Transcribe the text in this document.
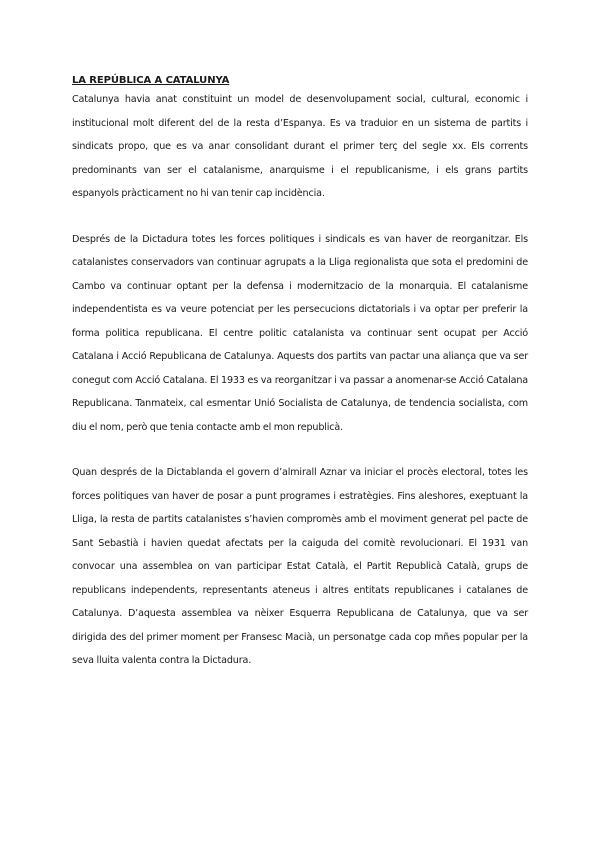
LA REPÚBLICA A CATALUNYA

Catalunya havia anat constituint un model de desenvolupament social, cultural, economic i institucional molt diferent del de la resta d’Espanya. Es va traduior en un sistema de partits i sindicats propo, que es va anar consolidant durant el primer terç del segle xx. Els corrents predominants van ser el catalanisme, anarquisme i el republicanisme, i els grans partits espanyols pràcticament no hi van tenir cap incidència.

Després de la Dictadura totes les forces politiques i sindicals es van haver de reorganitzar. Els catalanistes conservadors van continuar agrupats a la Lliga regionalista que sota el predomini de Cambo va continuar optant per la defensa i modernitzacio de la monarquia. El catalanisme independentista es va veure potenciat per les persecucions dictatorials i va optar per preferir la forma politica republicana. El centre politic catalanista va continuar sent ocupat per Acció Catalana i Acció Republicana de Catalunya. Aquests dos partits van pactar una aliança que va ser conegut com Acció Catalana. El 1933 es va reorganitzar i va passar a anomenar-se Acció Catalana Republicana. Tanmateix, cal esmentar Unió Socialista de Catalunya, de tendencia socialista, com diu el nom, però que tenia contacte amb el mon republicà.

Quan després de la Dictablanda el govern d’almirall Aznar va iniciar el procès electoral, totes les forces politiques van haver de posar a punt programes i estratègies. Fins aleshores, exeptuant la Lliga, la resta de partits catalanistes s’havien compromès amb el moviment generat pel pacte de Sant Sebastià i havien quedat afectats per la caiguda del comitè revolucionari. El 1931 van convocar una assemblea on van participar Estat Català, el Partit Republicà Català, grups de republicans independents, representants ateneus i altres entitats republicanes i catalanes de Catalunya. D’aquesta assemblea va nèixer Esquerra Republicana de Catalunya, que va ser dirigida des del primer moment per Fransesc Macià, un personatge cada cop mñes popular per la seva lluita valenta contra la Dictadura.
